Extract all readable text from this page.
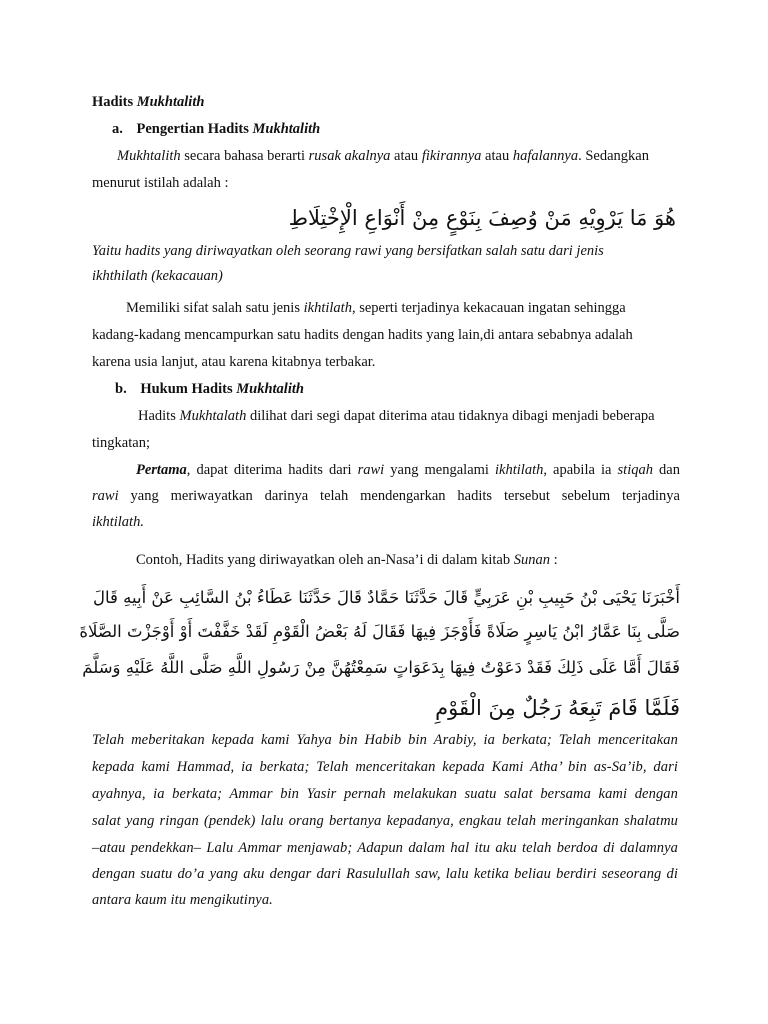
Hadits Mukhtalith
a. Pengertian Hadits Mukhtalith
Mukhtalith secara bahasa berarti rusak akalnya atau fikirannya atau hafalannya. Sedangkan
menurut istilah adalah :
هُوَ مَا يَرْوِيْهِ مَنْ وُصِفَ بِنَوْعٍ مِنْ أَنْوَاعِ الْإِخْتِلَاطِ
Yaitu hadits yang diriwayatkan oleh seorang rawi yang bersifatkan salah satu dari jenis
ikhthilath (kekacauan)
Memiliki sifat salah satu jenis ikhtilath, seperti terjadinya kekacauan ingatan sehingga
kadang-kadang mencampurkan satu hadits dengan hadits yang lain,di antara sebabnya adalah
karena usia lanjut, atau karena kitabnya terbakar.
b. Hukum Hadits Mukhtalith
Hadits Mukhtalath dilihat dari segi dapat diterima atau tidaknya dibagi menjadi beberapa
tingkatan;
Pertama, dapat diterima hadits dari rawi yang mengalami ikhtilath, apabila ia stiqah dan
rawi yang meriwayatkan darinya telah mendengarkan hadits tersebut sebelum terjadinya
ikhtilath.
Contoh, Hadits yang diriwayatkan oleh an-Nasa’i di dalam kitab Sunan :
أَخْبَرَنَا يَحْيَى بْنُ حَبِيبِ بْنِ عَرَبِيٍّ قَالَ حَدَّثَنَا حَمَّادٌ قَالَ حَدَّثَنَا عَطَاءُ بْنُ السَّائِبِ عَنْ أَبِيهِ قَالَ
صَلَّى بِنَا عَمَّارُ ابْنُ يَاسِرٍ صَلَاةً فَأَوْجَزَ فِيهَا فَقَالَ لَهُ بَعْضُ الْقَوْمِ لَقَدْ خَفَّفْتَ أَوْ أَوْجَزْتَ الصَّلَاةَ
فَقَالَ أَمَّا عَلَى ذَلِكَ فَقَدْ دَعَوْتُ فِيهَا بِدَعَوَاتٍ سَمِعْتُهُنَّ مِنْ رَسُولِ اللَّهِ صَلَّى اللَّهُ عَلَيْهِ وَسَلَّمَ
فَلَمَّا قَامَ تَبِعَهُ رَجُلٌ مِنَ الْقَوْمِ
Telah meberitakan kepada kami Yahya bin Habib bin Arabiy, ia berkata; Telah menceritakan
kepada kami Hammad, ia berkata; Telah menceritakan kepada Kami Atha’ bin as-Sa’ib, dari
ayahnya, ia berkata; Ammar bin Yasir pernah melakukan suatu salat bersama kami dengan
salat yang ringan (pendek) lalu orang bertanya kepadanya, engkau telah meringankan shalatmu
–atau pendekkan– Lalu Ammar menjawab; Adapun dalam hal itu aku telah berdoa di dalamnya
dengan suatu do’a yang aku dengar dari Rasulullah saw, lalu ketika beliau berdiri seseorang di
antara kaum itu mengikutinya.
